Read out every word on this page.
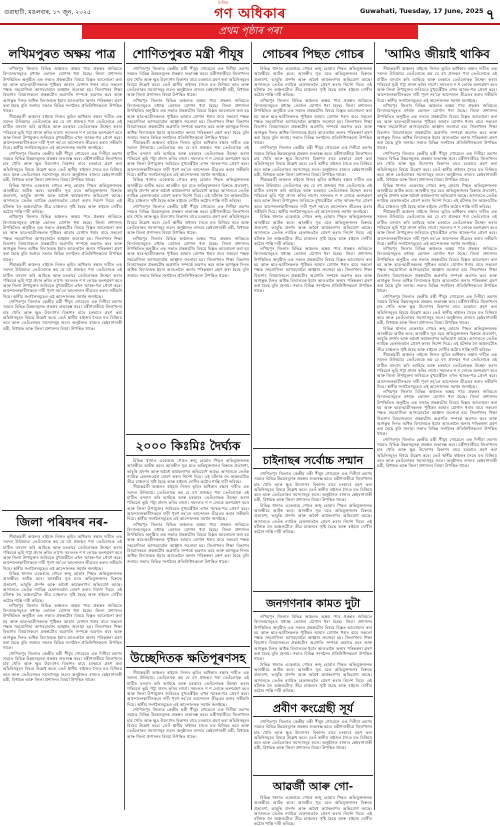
গুৱাহাটী, মঙলবাৰ, ১৭ জুন, ২০২৫
দৈনিক
গণ অধিকাৰ	Guwahati, Tuesday, 17 June, 2025 ৭
প্ৰথম পৃষ্ঠাৰ পৰা
লখিমপুৰত অক্ষয় পাত্ৰ

লখিমপুৰ জিলাৰ বিভিন্ন অঞ্চলত অক্ষয় পাত্ৰ প্ৰকল্পৰ জৰিয়তে বিদ্যালয়সমূহত মধ্যাহ্ন ভোজন যোগান ধৰা হৈছে। জিলা প্ৰশাসনৰ উপস্থিতিত অনুষ্ঠিত এক সভাত প্ৰকল্পটোৰ বিষয়ে বিস্তৃত আলোচনা কৰা হয় আৰু ছাত্ৰ-ছাত্ৰীসকলক পুষ্টিকৰ আহাৰ যোগান ধৰাৰ বাবে সকলো পক্ষক সহযোগিতা আগবঢ়াবলৈ আহ্বান জনোৱা হয়। জিলাখনৰ শিক্ষা বিভাগৰ বিষয়াসকলে প্ৰকল্পটোৰ অগ্ৰগতি সম্পৰ্কে অৱগত কৰে আৰু আগন্তুক দিনত অধিক বিদ্যালয়ক ইয়াৰ আওতালৈ অনাৰ পৰিকল্পনা গ্ৰহণ কৰা হৈছে বুলি জনায়। সভাত বিভিন্ন সংগঠনৰ প্ৰতিনিধিসকলো উপস্থিত থাকে।

সীমান্তৱৰ্তী অঞ্চলৰ ৰাইজে নিজৰ ভূমিৰ অধিকাৰ ৰক্ষাৰ দাবীত এক সমদল উলিয়ায়। তেওঁলোকে কয় যে বহু প্ৰজন্মৰ পৰা তেওঁলোকে এই মাটিত বসবাস কৰি আহিছে আৰু চৰকাৰে তেওঁলোকক উচ্ছেদ কৰাৰ পৰিৱৰ্তে ভূমি পট্টা প্ৰদান কৰিব লাগে। সমদলত শ শ লোকে অংশগ্ৰহণ কৰে আৰু জিলা উপায়ুক্তৰ জৰিয়তে মুখ্যমন্ত্ৰীলৈ এখন স্মাৰক-পত্ৰ প্ৰেৰণ কৰে। আন্দোলনকাৰীসকলে দাবী পূৰণ নহ'লে আন্দোলন তীব্ৰতৰ কৰাৰ সকীয়নি দিয়ে। স্থানীয় সংগঠনসমূহেও এই আন্দোলনক সমৰ্থন জনাইছে।

শোণিতপুৰ জিলাত কেন্দ্ৰীয় মন্ত্ৰী পীযূষ গোয়েলে এক দিনীয়া ভ্ৰমণৰ সময়ত বিভিন্ন উন্নয়নমূলক প্ৰকল্পৰ শুভাৰম্ভ কৰে। মন্ত্ৰীগৰাকীয়ে জিলাখনৰ চাহ খেতি আৰু ক্ষুদ্ৰ উদ্যোগৰ বিকাশৰ বাবে চৰকাৰে গ্ৰহণ কৰা আঁচনিসমূহৰ বিষয়ে উল্লেখ কৰে। তেওঁ স্থানীয় ৰাইজৰ সৈতে মত বিনিময় কৰে আৰু তেওঁলোকৰ সমস্যাসমূহ শুনে। অনুষ্ঠানত ৰাজ্যৰ কেইবাগৰাকী মন্ত্ৰী, বিধায়ক আৰু জিলা প্ৰশাসনৰ বিষয়া উপস্থিত থাকে।

বিভিন্ন থানাত একেৰাহে গোচৰ ৰুজু হোৱাৰ পিছত অভিযুক্তজনক আৰক্ষীয়ে আটক কৰে। আৰক্ষীৰ সূত্ৰ মতে অভিযুক্তজনৰ বিৰুদ্ধে প্ৰতাৰণা, ভাবুকি প্ৰদৰ্শন আৰু অবৈধ কাৰ্যকলাপৰ অভিযোগ আছে। আদালতে তেওঁক ন্যায়িক হেফাজতলৈ প্ৰেৰণ কৰাৰ নিৰ্দেশ দিয়ে। এই ঘটনাক লৈ অঞ্চলটোত তীব্ৰ চাঞ্চল্যৰ সৃষ্টি হৈছে আৰু ৰাইজে দোষীৰ কঠোৰ শাস্তি দাবী কৰিছে।

লখিমপুৰ জিলাৰ বিভিন্ন অঞ্চলত অক্ষয় পাত্ৰ প্ৰকল্পৰ জৰিয়তে বিদ্যালয়সমূহত মধ্যাহ্ন ভোজন যোগান ধৰা হৈছে। জিলা প্ৰশাসনৰ উপস্থিতিত অনুষ্ঠিত এক সভাত প্ৰকল্পটোৰ বিষয়ে বিস্তৃত আলোচনা কৰা হয় আৰু ছাত্ৰ-ছাত্ৰীসকলক পুষ্টিকৰ আহাৰ যোগান ধৰাৰ বাবে সকলো পক্ষক সহযোগিতা আগবঢ়াবলৈ আহ্বান জনোৱা হয়। জিলাখনৰ শিক্ষা বিভাগৰ বিষয়াসকলে প্ৰকল্পটোৰ অগ্ৰগতি সম্পৰ্কে অৱগত কৰে আৰু আগন্তুক দিনত অধিক বিদ্যালয়ক ইয়াৰ আওতালৈ অনাৰ পৰিকল্পনা গ্ৰহণ কৰা হৈছে বুলি জনায়। সভাত বিভিন্ন সংগঠনৰ প্ৰতিনিধিসকলো উপস্থিত থাকে।

সীমান্তৱৰ্তী অঞ্চলৰ ৰাইজে নিজৰ ভূমিৰ অধিকাৰ ৰক্ষাৰ দাবীত এক সমদল উলিয়ায়। তেওঁলোকে কয় যে বহু প্ৰজন্মৰ পৰা তেওঁলোকে এই মাটিত বসবাস কৰি আহিছে আৰু চৰকাৰে তেওঁলোকক উচ্ছেদ কৰাৰ পৰিৱৰ্তে ভূমি পট্টা প্ৰদান কৰিব লাগে। সমদলত শ শ লোকে অংশগ্ৰহণ কৰে আৰু জিলা উপায়ুক্তৰ জৰিয়তে মুখ্যমন্ত্ৰীলৈ এখন স্মাৰক-পত্ৰ প্ৰেৰণ কৰে। আন্দোলনকাৰীসকলে দাবী পূৰণ নহ'লে আন্দোলন তীব্ৰতৰ কৰাৰ সকীয়নি দিয়ে। স্থানীয় সংগঠনসমূহেও এই আন্দোলনক সমৰ্থন জনাইছে।

শোণিতপুৰ জিলাত কেন্দ্ৰীয় মন্ত্ৰী পীযূষ গোয়েলে এক দিনীয়া ভ্ৰমণৰ সময়ত বিভিন্ন উন্নয়নমূলক প্ৰকল্পৰ শুভাৰম্ভ কৰে। মন্ত্ৰীগৰাকীয়ে জিলাখনৰ চাহ খেতি আৰু ক্ষুদ্ৰ উদ্যোগৰ বিকাশৰ বাবে চৰকাৰে গ্ৰহণ কৰা আঁচনিসমূহৰ বিষয়ে উল্লেখ কৰে। তেওঁ স্থানীয় ৰাইজৰ সৈতে মত বিনিময় কৰে আৰু তেওঁলোকৰ সমস্যাসমূহ শুনে। অনুষ্ঠানত ৰাজ্যৰ কেইবাগৰাকী মন্ত্ৰী, বিধায়ক আৰু জিলা প্ৰশাসনৰ বিষয়া উপস্থিত থাকে।

জিলা পৰিষদৰ নৰ-

সীমান্তৱৰ্তী অঞ্চলৰ ৰাইজে নিজৰ ভূমিৰ অধিকাৰ ৰক্ষাৰ দাবীত এক সমদল উলিয়ায়। তেওঁলোকে কয় যে বহু প্ৰজন্মৰ পৰা তেওঁলোকে এই মাটিত বসবাস কৰি আহিছে আৰু চৰকাৰে তেওঁলোকক উচ্ছেদ কৰাৰ পৰিৱৰ্তে ভূমি পট্টা প্ৰদান কৰিব লাগে। সমদলত শ শ লোকে অংশগ্ৰহণ কৰে আৰু জিলা উপায়ুক্তৰ জৰিয়তে মুখ্যমন্ত্ৰীলৈ এখন স্মাৰক-পত্ৰ প্ৰেৰণ কৰে। আন্দোলনকাৰীসকলে দাবী পূৰণ নহ'লে আন্দোলন তীব্ৰতৰ কৰাৰ সকীয়নি দিয়ে। স্থানীয় সংগঠনসমূহেও এই আন্দোলনক সমৰ্থন জনাইছে।

বিভিন্ন থানাত একেৰাহে গোচৰ ৰুজু হোৱাৰ পিছত অভিযুক্তজনক আৰক্ষীয়ে আটক কৰে। আৰক্ষীৰ সূত্ৰ মতে অভিযুক্তজনৰ বিৰুদ্ধে প্ৰতাৰণা, ভাবুকি প্ৰদৰ্শন আৰু অবৈধ কাৰ্যকলাপৰ অভিযোগ আছে। আদালতে তেওঁক ন্যায়িক হেফাজতলৈ প্ৰেৰণ কৰাৰ নিৰ্দেশ দিয়ে। এই ঘটনাক লৈ অঞ্চলটোত তীব্ৰ চাঞ্চল্যৰ সৃষ্টি হৈছে আৰু ৰাইজে দোষীৰ কঠোৰ শাস্তি দাবী কৰিছে।

লখিমপুৰ জিলাৰ বিভিন্ন অঞ্চলত অক্ষয় পাত্ৰ প্ৰকল্পৰ জৰিয়তে বিদ্যালয়সমূহত মধ্যাহ্ন ভোজন যোগান ধৰা হৈছে। জিলা প্ৰশাসনৰ উপস্থিতিত অনুষ্ঠিত এক সভাত প্ৰকল্পটোৰ বিষয়ে বিস্তৃত আলোচনা কৰা হয় আৰু ছাত্ৰ-ছাত্ৰীসকলক পুষ্টিকৰ আহাৰ যোগান ধৰাৰ বাবে সকলো পক্ষক সহযোগিতা আগবঢ়াবলৈ আহ্বান জনোৱা হয়। জিলাখনৰ শিক্ষা বিভাগৰ বিষয়াসকলে প্ৰকল্পটোৰ অগ্ৰগতি সম্পৰ্কে অৱগত কৰে আৰু আগন্তুক দিনত অধিক বিদ্যালয়ক ইয়াৰ আওতালৈ অনাৰ পৰিকল্পনা গ্ৰহণ কৰা হৈছে বুলি জনায়। সভাত বিভিন্ন সংগঠনৰ প্ৰতিনিধিসকলো উপস্থিত থাকে।

শোণিতপুৰ জিলাত কেন্দ্ৰীয় মন্ত্ৰী পীযূষ গোয়েলে এক দিনীয়া ভ্ৰমণৰ সময়ত বিভিন্ন উন্নয়নমূলক প্ৰকল্পৰ শুভাৰম্ভ কৰে। মন্ত্ৰীগৰাকীয়ে জিলাখনৰ চাহ খেতি আৰু ক্ষুদ্ৰ উদ্যোগৰ বিকাশৰ বাবে চৰকাৰে গ্ৰহণ কৰা আঁচনিসমূহৰ বিষয়ে উল্লেখ কৰে। তেওঁ স্থানীয় ৰাইজৰ সৈতে মত বিনিময় কৰে আৰু তেওঁলোকৰ সমস্যাসমূহ শুনে। অনুষ্ঠানত ৰাজ্যৰ কেইবাগৰাকী মন্ত্ৰী, বিধায়ক আৰু জিলা প্ৰশাসনৰ বিষয়া উপস্থিত থাকে।

শোণিতপুৰত মন্ত্ৰী পীযূষ

শোণিতপুৰ জিলাত কেন্দ্ৰীয় মন্ত্ৰী পীযূষ গোয়েলে এক দিনীয়া ভ্ৰমণৰ সময়ত বিভিন্ন উন্নয়নমূলক প্ৰকল্পৰ শুভাৰম্ভ কৰে। মন্ত্ৰীগৰাকীয়ে জিলাখনৰ চাহ খেতি আৰু ক্ষুদ্ৰ উদ্যোগৰ বিকাশৰ বাবে চৰকাৰে গ্ৰহণ কৰা আঁচনিসমূহৰ বিষয়ে উল্লেখ কৰে। তেওঁ স্থানীয় ৰাইজৰ সৈতে মত বিনিময় কৰে আৰু তেওঁলোকৰ সমস্যাসমূহ শুনে। অনুষ্ঠানত ৰাজ্যৰ কেইবাগৰাকী মন্ত্ৰী, বিধায়ক আৰু জিলা প্ৰশাসনৰ বিষয়া উপস্থিত থাকে।

লখিমপুৰ জিলাৰ বিভিন্ন অঞ্চলত অক্ষয় পাত্ৰ প্ৰকল্পৰ জৰিয়তে বিদ্যালয়সমূহত মধ্যাহ্ন ভোজন যোগান ধৰা হৈছে। জিলা প্ৰশাসনৰ উপস্থিতিত অনুষ্ঠিত এক সভাত প্ৰকল্পটোৰ বিষয়ে বিস্তৃত আলোচনা কৰা হয় আৰু ছাত্ৰ-ছাত্ৰীসকলক পুষ্টিকৰ আহাৰ যোগান ধৰাৰ বাবে সকলো পক্ষক সহযোগিতা আগবঢ়াবলৈ আহ্বান জনোৱা হয়। জিলাখনৰ শিক্ষা বিভাগৰ বিষয়াসকলে প্ৰকল্পটোৰ অগ্ৰগতি সম্পৰ্কে অৱগত কৰে আৰু আগন্তুক দিনত অধিক বিদ্যালয়ক ইয়াৰ আওতালৈ অনাৰ পৰিকল্পনা গ্ৰহণ কৰা হৈছে বুলি জনায়। সভাত বিভিন্ন সংগঠনৰ প্ৰতিনিধিসকলো উপস্থিত থাকে।

সীমান্তৱৰ্তী অঞ্চলৰ ৰাইজে নিজৰ ভূমিৰ অধিকাৰ ৰক্ষাৰ দাবীত এক সমদল উলিয়ায়। তেওঁলোকে কয় যে বহু প্ৰজন্মৰ পৰা তেওঁলোকে এই মাটিত বসবাস কৰি আহিছে আৰু চৰকাৰে তেওঁলোকক উচ্ছেদ কৰাৰ পৰিৱৰ্তে ভূমি পট্টা প্ৰদান কৰিব লাগে। সমদলত শ শ লোকে অংশগ্ৰহণ কৰে আৰু জিলা উপায়ুক্তৰ জৰিয়তে মুখ্যমন্ত্ৰীলৈ এখন স্মাৰক-পত্ৰ প্ৰেৰণ কৰে। আন্দোলনকাৰীসকলে দাবী পূৰণ নহ'লে আন্দোলন তীব্ৰতৰ কৰাৰ সকীয়নি দিয়ে। স্থানীয় সংগঠনসমূহেও এই আন্দোলনক সমৰ্থন জনাইছে।

বিভিন্ন থানাত একেৰাহে গোচৰ ৰুজু হোৱাৰ পিছত অভিযুক্তজনক আৰক্ষীয়ে আটক কৰে। আৰক্ষীৰ সূত্ৰ মতে অভিযুক্তজনৰ বিৰুদ্ধে প্ৰতাৰণা, ভাবুকি প্ৰদৰ্শন আৰু অবৈধ কাৰ্যকলাপৰ অভিযোগ আছে। আদালতে তেওঁক ন্যায়িক হেফাজতলৈ প্ৰেৰণ কৰাৰ নিৰ্দেশ দিয়ে। এই ঘটনাক লৈ অঞ্চলটোত তীব্ৰ চাঞ্চল্যৰ সৃষ্টি হৈছে আৰু ৰাইজে দোষীৰ কঠোৰ শাস্তি দাবী কৰিছে।

শোণিতপুৰ জিলাত কেন্দ্ৰীয় মন্ত্ৰী পীযূষ গোয়েলে এক দিনীয়া ভ্ৰমণৰ সময়ত বিভিন্ন উন্নয়নমূলক প্ৰকল্পৰ শুভাৰম্ভ কৰে। মন্ত্ৰীগৰাকীয়ে জিলাখনৰ চাহ খেতি আৰু ক্ষুদ্ৰ উদ্যোগৰ বিকাশৰ বাবে চৰকাৰে গ্ৰহণ কৰা আঁচনিসমূহৰ বিষয়ে উল্লেখ কৰে। তেওঁ স্থানীয় ৰাইজৰ সৈতে মত বিনিময় কৰে আৰু তেওঁলোকৰ সমস্যাসমূহ শুনে। অনুষ্ঠানত ৰাজ্যৰ কেইবাগৰাকী মন্ত্ৰী, বিধায়ক আৰু জিলা প্ৰশাসনৰ বিষয়া উপস্থিত থাকে।

লখিমপুৰ জিলাৰ বিভিন্ন অঞ্চলত অক্ষয় পাত্ৰ প্ৰকল্পৰ জৰিয়তে বিদ্যালয়সমূহত মধ্যাহ্ন ভোজন যোগান ধৰা হৈছে। জিলা প্ৰশাসনৰ উপস্থিতিত অনুষ্ঠিত এক সভাত প্ৰকল্পটোৰ বিষয়ে বিস্তৃত আলোচনা কৰা হয় আৰু ছাত্ৰ-ছাত্ৰীসকলক পুষ্টিকৰ আহাৰ যোগান ধৰাৰ বাবে সকলো পক্ষক সহযোগিতা আগবঢ়াবলৈ আহ্বান জনোৱা হয়। জিলাখনৰ শিক্ষা বিভাগৰ বিষয়াসকলে প্ৰকল্পটোৰ অগ্ৰগতি সম্পৰ্কে অৱগত কৰে আৰু আগন্তুক দিনত অধিক বিদ্যালয়ক ইয়াৰ আওতালৈ অনাৰ পৰিকল্পনা গ্ৰহণ কৰা হৈছে বুলি জনায়। সভাত বিভিন্ন সংগঠনৰ প্ৰতিনিধিসকলো উপস্থিত থাকে।

২০০০ কিঃমিঃ দৈৰ্ঘ্যক

বিভিন্ন থানাত একেৰাহে গোচৰ ৰুজু হোৱাৰ পিছত অভিযুক্তজনক আৰক্ষীয়ে আটক কৰে। আৰক্ষীৰ সূত্ৰ মতে অভিযুক্তজনৰ বিৰুদ্ধে প্ৰতাৰণা, ভাবুকি প্ৰদৰ্শন আৰু অবৈধ কাৰ্যকলাপৰ অভিযোগ আছে। আদালতে তেওঁক ন্যায়িক হেফাজতলৈ প্ৰেৰণ কৰাৰ নিৰ্দেশ দিয়ে। এই ঘটনাক লৈ অঞ্চলটোত তীব্ৰ চাঞ্চল্যৰ সৃষ্টি হৈছে আৰু ৰাইজে দোষীৰ কঠোৰ শাস্তি দাবী কৰিছে।

সীমান্তৱৰ্তী অঞ্চলৰ ৰাইজে নিজৰ ভূমিৰ অধিকাৰ ৰক্ষাৰ দাবীত এক সমদল উলিয়ায়। তেওঁলোকে কয় যে বহু প্ৰজন্মৰ পৰা তেওঁলোকে এই মাটিত বসবাস কৰি আহিছে আৰু চৰকাৰে তেওঁলোকক উচ্ছেদ কৰাৰ পৰিৱৰ্তে ভূমি পট্টা প্ৰদান কৰিব লাগে। সমদলত শ শ লোকে অংশগ্ৰহণ কৰে আৰু জিলা উপায়ুক্তৰ জৰিয়তে মুখ্যমন্ত্ৰীলৈ এখন স্মাৰক-পত্ৰ প্ৰেৰণ কৰে। আন্দোলনকাৰীসকলে দাবী পূৰণ নহ'লে আন্দোলন তীব্ৰতৰ কৰাৰ সকীয়নি দিয়ে। স্থানীয় সংগঠনসমূহেও এই আন্দোলনক সমৰ্থন জনাইছে।

লখিমপুৰ জিলাৰ বিভিন্ন অঞ্চলত অক্ষয় পাত্ৰ প্ৰকল্পৰ জৰিয়তে বিদ্যালয়সমূহত মধ্যাহ্ন ভোজন যোগান ধৰা হৈছে। জিলা প্ৰশাসনৰ উপস্থিতিত অনুষ্ঠিত এক সভাত প্ৰকল্পটোৰ বিষয়ে বিস্তৃত আলোচনা কৰা হয় আৰু ছাত্ৰ-ছাত্ৰীসকলক পুষ্টিকৰ আহাৰ যোগান ধৰাৰ বাবে সকলো পক্ষক সহযোগিতা আগবঢ়াবলৈ আহ্বান জনোৱা হয়। জিলাখনৰ শিক্ষা বিভাগৰ বিষয়াসকলে প্ৰকল্পটোৰ অগ্ৰগতি সম্পৰ্কে অৱগত কৰে আৰু আগন্তুক দিনত অধিক বিদ্যালয়ক ইয়াৰ আওতালৈ অনাৰ পৰিকল্পনা গ্ৰহণ কৰা হৈছে বুলি জনায়। সভাত বিভিন্ন সংগঠনৰ প্ৰতিনিধিসকলো উপস্থিত থাকে।

উচ্ছেদিতক ক্ষতিপূৰণসহ

সীমান্তৱৰ্তী অঞ্চলৰ ৰাইজে নিজৰ ভূমিৰ অধিকাৰ ৰক্ষাৰ দাবীত এক সমদল উলিয়ায়। তেওঁলোকে কয় যে বহু প্ৰজন্মৰ পৰা তেওঁলোকে এই মাটিত বসবাস কৰি আহিছে আৰু চৰকাৰে তেওঁলোকক উচ্ছেদ কৰাৰ পৰিৱৰ্তে ভূমি পট্টা প্ৰদান কৰিব লাগে। সমদলত শ শ লোকে অংশগ্ৰহণ কৰে আৰু জিলা উপায়ুক্তৰ জৰিয়তে মুখ্যমন্ত্ৰীলৈ এখন স্মাৰক-পত্ৰ প্ৰেৰণ কৰে। আন্দোলনকাৰীসকলে দাবী পূৰণ নহ'লে আন্দোলন তীব্ৰতৰ কৰাৰ সকীয়নি দিয়ে। স্থানীয় সংগঠনসমূহেও এই আন্দোলনক সমৰ্থন জনাইছে।

শোণিতপুৰ জিলাত কেন্দ্ৰীয় মন্ত্ৰী পীযূষ গোয়েলে এক দিনীয়া ভ্ৰমণৰ সময়ত বিভিন্ন উন্নয়নমূলক প্ৰকল্পৰ শুভাৰম্ভ কৰে। মন্ত্ৰীগৰাকীয়ে জিলাখনৰ চাহ খেতি আৰু ক্ষুদ্ৰ উদ্যোগৰ বিকাশৰ বাবে চৰকাৰে গ্ৰহণ কৰা আঁচনিসমূহৰ বিষয়ে উল্লেখ কৰে। তেওঁ স্থানীয় ৰাইজৰ সৈতে মত বিনিময় কৰে আৰু তেওঁলোকৰ সমস্যাসমূহ শুনে। অনুষ্ঠানত ৰাজ্যৰ কেইবাগৰাকী মন্ত্ৰী, বিধায়ক আৰু জিলা প্ৰশাসনৰ বিষয়া উপস্থিত থাকে।

গোচৰৰ পিছত গোচৰ

বিভিন্ন থানাত একেৰাহে গোচৰ ৰুজু হোৱাৰ পিছত অভিযুক্তজনক আৰক্ষীয়ে আটক কৰে। আৰক্ষীৰ সূত্ৰ মতে অভিযুক্তজনৰ বিৰুদ্ধে প্ৰতাৰণা, ভাবুকি প্ৰদৰ্শন আৰু অবৈধ কাৰ্যকলাপৰ অভিযোগ আছে। আদালতে তেওঁক ন্যায়িক হেফাজতলৈ প্ৰেৰণ কৰাৰ নিৰ্দেশ দিয়ে। এই ঘটনাক লৈ অঞ্চলটোত তীব্ৰ চাঞ্চল্যৰ সৃষ্টি হৈছে আৰু ৰাইজে দোষীৰ কঠোৰ শাস্তি দাবী কৰিছে।

লখিমপুৰ জিলাৰ বিভিন্ন অঞ্চলত অক্ষয় পাত্ৰ প্ৰকল্পৰ জৰিয়তে বিদ্যালয়সমূহত মধ্যাহ্ন ভোজন যোগান ধৰা হৈছে। জিলা প্ৰশাসনৰ উপস্থিতিত অনুষ্ঠিত এক সভাত প্ৰকল্পটোৰ বিষয়ে বিস্তৃত আলোচনা কৰা হয় আৰু ছাত্ৰ-ছাত্ৰীসকলক পুষ্টিকৰ আহাৰ যোগান ধৰাৰ বাবে সকলো পক্ষক সহযোগিতা আগবঢ়াবলৈ আহ্বান জনোৱা হয়। জিলাখনৰ শিক্ষা বিভাগৰ বিষয়াসকলে প্ৰকল্পটোৰ অগ্ৰগতি সম্পৰ্কে অৱগত কৰে আৰু আগন্তুক দিনত অধিক বিদ্যালয়ক ইয়াৰ আওতালৈ অনাৰ পৰিকল্পনা গ্ৰহণ কৰা হৈছে বুলি জনায়। সভাত বিভিন্ন সংগঠনৰ প্ৰতিনিধিসকলো উপস্থিত থাকে।

শোণিতপুৰ জিলাত কেন্দ্ৰীয় মন্ত্ৰী পীযূষ গোয়েলে এক দিনীয়া ভ্ৰমণৰ সময়ত বিভিন্ন উন্নয়নমূলক প্ৰকল্পৰ শুভাৰম্ভ কৰে। মন্ত্ৰীগৰাকীয়ে জিলাখনৰ চাহ খেতি আৰু ক্ষুদ্ৰ উদ্যোগৰ বিকাশৰ বাবে চৰকাৰে গ্ৰহণ কৰা আঁচনিসমূহৰ বিষয়ে উল্লেখ কৰে। তেওঁ স্থানীয় ৰাইজৰ সৈতে মত বিনিময় কৰে আৰু তেওঁলোকৰ সমস্যাসমূহ শুনে। অনুষ্ঠানত ৰাজ্যৰ কেইবাগৰাকী মন্ত্ৰী, বিধায়ক আৰু জিলা প্ৰশাসনৰ বিষয়া উপস্থিত থাকে।

সীমান্তৱৰ্তী অঞ্চলৰ ৰাইজে নিজৰ ভূমিৰ অধিকাৰ ৰক্ষাৰ দাবীত এক সমদল উলিয়ায়। তেওঁলোকে কয় যে বহু প্ৰজন্মৰ পৰা তেওঁলোকে এই মাটিত বসবাস কৰি আহিছে আৰু চৰকাৰে তেওঁলোকক উচ্ছেদ কৰাৰ পৰিৱৰ্তে ভূমি পট্টা প্ৰদান কৰিব লাগে। সমদলত শ শ লোকে অংশগ্ৰহণ কৰে আৰু জিলা উপায়ুক্তৰ জৰিয়তে মুখ্যমন্ত্ৰীলৈ এখন স্মাৰক-পত্ৰ প্ৰেৰণ কৰে। আন্দোলনকাৰীসকলে দাবী পূৰণ নহ'লে আন্দোলন তীব্ৰতৰ কৰাৰ সকীয়নি দিয়ে। স্থানীয় সংগঠনসমূহেও এই আন্দোলনক সমৰ্থন জনাইছে।

বিভিন্ন থানাত একেৰাহে গোচৰ ৰুজু হোৱাৰ পিছত অভিযুক্তজনক আৰক্ষীয়ে আটক কৰে। আৰক্ষীৰ সূত্ৰ মতে অভিযুক্তজনৰ বিৰুদ্ধে প্ৰতাৰণা, ভাবুকি প্ৰদৰ্শন আৰু অবৈধ কাৰ্যকলাপৰ অভিযোগ আছে। আদালতে তেওঁক ন্যায়িক হেফাজতলৈ প্ৰেৰণ কৰাৰ নিৰ্দেশ দিয়ে। এই ঘটনাক লৈ অঞ্চলটোত তীব্ৰ চাঞ্চল্যৰ সৃষ্টি হৈছে আৰু ৰাইজে দোষীৰ কঠোৰ শাস্তি দাবী কৰিছে।

লখিমপুৰ জিলাৰ বিভিন্ন অঞ্চলত অক্ষয় পাত্ৰ প্ৰকল্পৰ জৰিয়তে বিদ্যালয়সমূহত মধ্যাহ্ন ভোজন যোগান ধৰা হৈছে। জিলা প্ৰশাসনৰ উপস্থিতিত অনুষ্ঠিত এক সভাত প্ৰকল্পটোৰ বিষয়ে বিস্তৃত আলোচনা কৰা হয় আৰু ছাত্ৰ-ছাত্ৰীসকলক পুষ্টিকৰ আহাৰ যোগান ধৰাৰ বাবে সকলো পক্ষক সহযোগিতা আগবঢ়াবলৈ আহ্বান জনোৱা হয়। জিলাখনৰ শিক্ষা বিভাগৰ বিষয়াসকলে প্ৰকল্পটোৰ অগ্ৰগতি সম্পৰ্কে অৱগত কৰে আৰু আগন্তুক দিনত অধিক বিদ্যালয়ক ইয়াৰ আওতালৈ অনাৰ পৰিকল্পনা গ্ৰহণ কৰা হৈছে বুলি জনায়। সভাত বিভিন্ন সংগঠনৰ প্ৰতিনিধিসকলো উপস্থিত থাকে।

চাইনাছৰ সৰ্বোচ্চ সন্মান

শোণিতপুৰ জিলাত কেন্দ্ৰীয় মন্ত্ৰী পীযূষ গোয়েলে এক দিনীয়া ভ্ৰমণৰ সময়ত বিভিন্ন উন্নয়নমূলক প্ৰকল্পৰ শুভাৰম্ভ কৰে। মন্ত্ৰীগৰাকীয়ে জিলাখনৰ চাহ খেতি আৰু ক্ষুদ্ৰ উদ্যোগৰ বিকাশৰ বাবে চৰকাৰে গ্ৰহণ কৰা আঁচনিসমূহৰ বিষয়ে উল্লেখ কৰে। তেওঁ স্থানীয় ৰাইজৰ সৈতে মত বিনিময় কৰে আৰু তেওঁলোকৰ সমস্যাসমূহ শুনে। অনুষ্ঠানত ৰাজ্যৰ কেইবাগৰাকী মন্ত্ৰী, বিধায়ক আৰু জিলা প্ৰশাসনৰ বিষয়া উপস্থিত থাকে।

বিভিন্ন থানাত একেৰাহে গোচৰ ৰুজু হোৱাৰ পিছত অভিযুক্তজনক আৰক্ষীয়ে আটক কৰে। আৰক্ষীৰ সূত্ৰ মতে অভিযুক্তজনৰ বিৰুদ্ধে প্ৰতাৰণা, ভাবুকি প্ৰদৰ্শন আৰু অবৈধ কাৰ্যকলাপৰ অভিযোগ আছে। আদালতে তেওঁক ন্যায়িক হেফাজতলৈ প্ৰেৰণ কৰাৰ নিৰ্দেশ দিয়ে। এই ঘটনাক লৈ অঞ্চলটোত তীব্ৰ চাঞ্চল্যৰ সৃষ্টি হৈছে আৰু ৰাইজে দোষীৰ কঠোৰ শাস্তি দাবী কৰিছে।

জনগণনাৰ কামত দুটা

লখিমপুৰ জিলাৰ বিভিন্ন অঞ্চলত অক্ষয় পাত্ৰ প্ৰকল্পৰ জৰিয়তে বিদ্যালয়সমূহত মধ্যাহ্ন ভোজন যোগান ধৰা হৈছে। জিলা প্ৰশাসনৰ উপস্থিতিত অনুষ্ঠিত এক সভাত প্ৰকল্পটোৰ বিষয়ে বিস্তৃত আলোচনা কৰা হয় আৰু ছাত্ৰ-ছাত্ৰীসকলক পুষ্টিকৰ আহাৰ যোগান ধৰাৰ বাবে সকলো পক্ষক সহযোগিতা আগবঢ়াবলৈ আহ্বান জনোৱা হয়। জিলাখনৰ শিক্ষা বিভাগৰ বিষয়াসকলে প্ৰকল্পটোৰ অগ্ৰগতি সম্পৰ্কে অৱগত কৰে আৰু আগন্তুক দিনত অধিক বিদ্যালয়ক ইয়াৰ আওতালৈ অনাৰ পৰিকল্পনা গ্ৰহণ কৰা হৈছে বুলি জনায়। সভাত বিভিন্ন সংগঠনৰ প্ৰতিনিধিসকলো উপস্থিত থাকে।

বিভিন্ন থানাত একেৰাহে গোচৰ ৰুজু হোৱাৰ পিছত অভিযুক্তজনক আৰক্ষীয়ে আটক কৰে। আৰক্ষীৰ সূত্ৰ মতে অভিযুক্তজনৰ বিৰুদ্ধে প্ৰতাৰণা, ভাবুকি প্ৰদৰ্শন আৰু অবৈধ কাৰ্যকলাপৰ অভিযোগ আছে। আদালতে তেওঁক ন্যায়িক হেফাজতলৈ প্ৰেৰণ কৰাৰ নিৰ্দেশ দিয়ে। এই ঘটনাক লৈ অঞ্চলটোত তীব্ৰ চাঞ্চল্যৰ সৃষ্টি হৈছে আৰু ৰাইজে দোষীৰ কঠোৰ শাস্তি দাবী কৰিছে।

প্ৰবীণ কংগ্ৰেছী সূৰ্য

শোণিতপুৰ জিলাত কেন্দ্ৰীয় মন্ত্ৰী পীযূষ গোয়েলে এক দিনীয়া ভ্ৰমণৰ সময়ত বিভিন্ন উন্নয়নমূলক প্ৰকল্পৰ শুভাৰম্ভ কৰে। মন্ত্ৰীগৰাকীয়ে জিলাখনৰ চাহ খেতি আৰু ক্ষুদ্ৰ উদ্যোগৰ বিকাশৰ বাবে চৰকাৰে গ্ৰহণ কৰা আঁচনিসমূহৰ বিষয়ে উল্লেখ কৰে। তেওঁ স্থানীয় ৰাইজৰ সৈতে মত বিনিময় কৰে আৰু তেওঁলোকৰ সমস্যাসমূহ শুনে। অনুষ্ঠানত ৰাজ্যৰ কেইবাগৰাকী মন্ত্ৰী, বিধায়ক আৰু জিলা প্ৰশাসনৰ বিষয়া উপস্থিত থাকে।

আৱৰ্জী আৰু গো-

বিভিন্ন থানাত একেৰাহে গোচৰ ৰুজু হোৱাৰ পিছত অভিযুক্তজনক আৰক্ষীয়ে আটক কৰে। আৰক্ষীৰ সূত্ৰ মতে অভিযুক্তজনৰ বিৰুদ্ধে প্ৰতাৰণা, ভাবুকি প্ৰদৰ্শন আৰু অবৈধ কাৰ্যকলাপৰ অভিযোগ আছে। আদালতে তেওঁক ন্যায়িক হেফাজতলৈ প্ৰেৰণ কৰাৰ নিৰ্দেশ দিয়ে। এই ঘটনাক লৈ অঞ্চলটোত তীব্ৰ চাঞ্চল্যৰ সৃষ্টি হৈছে আৰু ৰাইজে দোষীৰ কঠোৰ শাস্তি দাবী কৰিছে।

'আমিও জীয়াই থাকিব

সীমান্তৱৰ্তী অঞ্চলৰ ৰাইজে নিজৰ ভূমিৰ অধিকাৰ ৰক্ষাৰ দাবীত এক সমদল উলিয়ায়। তেওঁলোকে কয় যে বহু প্ৰজন্মৰ পৰা তেওঁলোকে এই মাটিত বসবাস কৰি আহিছে আৰু চৰকাৰে তেওঁলোকক উচ্ছেদ কৰাৰ পৰিৱৰ্তে ভূমি পট্টা প্ৰদান কৰিব লাগে। সমদলত শ শ লোকে অংশগ্ৰহণ কৰে আৰু জিলা উপায়ুক্তৰ জৰিয়তে মুখ্যমন্ত্ৰীলৈ এখন স্মাৰক-পত্ৰ প্ৰেৰণ কৰে। আন্দোলনকাৰীসকলে দাবী পূৰণ নহ'লে আন্দোলন তীব্ৰতৰ কৰাৰ সকীয়নি দিয়ে। স্থানীয় সংগঠনসমূহেও এই আন্দোলনক সমৰ্থন জনাইছে।

লখিমপুৰ জিলাৰ বিভিন্ন অঞ্চলত অক্ষয় পাত্ৰ প্ৰকল্পৰ জৰিয়তে বিদ্যালয়সমূহত মধ্যাহ্ন ভোজন যোগান ধৰা হৈছে। জিলা প্ৰশাসনৰ উপস্থিতিত অনুষ্ঠিত এক সভাত প্ৰকল্পটোৰ বিষয়ে বিস্তৃত আলোচনা কৰা হয় আৰু ছাত্ৰ-ছাত্ৰীসকলক পুষ্টিকৰ আহাৰ যোগান ধৰাৰ বাবে সকলো পক্ষক সহযোগিতা আগবঢ়াবলৈ আহ্বান জনোৱা হয়। জিলাখনৰ শিক্ষা বিভাগৰ বিষয়াসকলে প্ৰকল্পটোৰ অগ্ৰগতি সম্পৰ্কে অৱগত কৰে আৰু আগন্তুক দিনত অধিক বিদ্যালয়ক ইয়াৰ আওতালৈ অনাৰ পৰিকল্পনা গ্ৰহণ কৰা হৈছে বুলি জনায়। সভাত বিভিন্ন সংগঠনৰ প্ৰতিনিধিসকলো উপস্থিত থাকে।

শোণিতপুৰ জিলাত কেন্দ্ৰীয় মন্ত্ৰী পীযূষ গোয়েলে এক দিনীয়া ভ্ৰমণৰ সময়ত বিভিন্ন উন্নয়নমূলক প্ৰকল্পৰ শুভাৰম্ভ কৰে। মন্ত্ৰীগৰাকীয়ে জিলাখনৰ চাহ খেতি আৰু ক্ষুদ্ৰ উদ্যোগৰ বিকাশৰ বাবে চৰকাৰে গ্ৰহণ কৰা আঁচনিসমূহৰ বিষয়ে উল্লেখ কৰে। তেওঁ স্থানীয় ৰাইজৰ সৈতে মত বিনিময় কৰে আৰু তেওঁলোকৰ সমস্যাসমূহ শুনে। অনুষ্ঠানত ৰাজ্যৰ কেইবাগৰাকী মন্ত্ৰী, বিধায়ক আৰু জিলা প্ৰশাসনৰ বিষয়া উপস্থিত থাকে।

বিভিন্ন থানাত একেৰাহে গোচৰ ৰুজু হোৱাৰ পিছত অভিযুক্তজনক আৰক্ষীয়ে আটক কৰে। আৰক্ষীৰ সূত্ৰ মতে অভিযুক্তজনৰ বিৰুদ্ধে প্ৰতাৰণা, ভাবুকি প্ৰদৰ্শন আৰু অবৈধ কাৰ্যকলাপৰ অভিযোগ আছে। আদালতে তেওঁক ন্যায়িক হেফাজতলৈ প্ৰেৰণ কৰাৰ নিৰ্দেশ দিয়ে। এই ঘটনাক লৈ অঞ্চলটোত তীব্ৰ চাঞ্চল্যৰ সৃষ্টি হৈছে আৰু ৰাইজে দোষীৰ কঠোৰ শাস্তি দাবী কৰিছে।

সীমান্তৱৰ্তী অঞ্চলৰ ৰাইজে নিজৰ ভূমিৰ অধিকাৰ ৰক্ষাৰ দাবীত এক সমদল উলিয়ায়। তেওঁলোকে কয় যে বহু প্ৰজন্মৰ পৰা তেওঁলোকে এই মাটিত বসবাস কৰি আহিছে আৰু চৰকাৰে তেওঁলোকক উচ্ছেদ কৰাৰ পৰিৱৰ্তে ভূমি পট্টা প্ৰদান কৰিব লাগে। সমদলত শ শ লোকে অংশগ্ৰহণ কৰে আৰু জিলা উপায়ুক্তৰ জৰিয়তে মুখ্যমন্ত্ৰীলৈ এখন স্মাৰক-পত্ৰ প্ৰেৰণ কৰে। আন্দোলনকাৰীসকলে দাবী পূৰণ নহ'লে আন্দোলন তীব্ৰতৰ কৰাৰ সকীয়নি দিয়ে। স্থানীয় সংগঠনসমূহেও এই আন্দোলনক সমৰ্থন জনাইছে।

লখিমপুৰ জিলাৰ বিভিন্ন অঞ্চলত অক্ষয় পাত্ৰ প্ৰকল্পৰ জৰিয়তে বিদ্যালয়সমূহত মধ্যাহ্ন ভোজন যোগান ধৰা হৈছে। জিলা প্ৰশাসনৰ উপস্থিতিত অনুষ্ঠিত এক সভাত প্ৰকল্পটোৰ বিষয়ে বিস্তৃত আলোচনা কৰা হয় আৰু ছাত্ৰ-ছাত্ৰীসকলক পুষ্টিকৰ আহাৰ যোগান ধৰাৰ বাবে সকলো পক্ষক সহযোগিতা আগবঢ়াবলৈ আহ্বান জনোৱা হয়। জিলাখনৰ শিক্ষা বিভাগৰ বিষয়াসকলে প্ৰকল্পটোৰ অগ্ৰগতি সম্পৰ্কে অৱগত কৰে আৰু আগন্তুক দিনত অধিক বিদ্যালয়ক ইয়াৰ আওতালৈ অনাৰ পৰিকল্পনা গ্ৰহণ কৰা হৈছে বুলি জনায়। সভাত বিভিন্ন সংগঠনৰ প্ৰতিনিধিসকলো উপস্থিত থাকে।

শোণিতপুৰ জিলাত কেন্দ্ৰীয় মন্ত্ৰী পীযূষ গোয়েলে এক দিনীয়া ভ্ৰমণৰ সময়ত বিভিন্ন উন্নয়নমূলক প্ৰকল্পৰ শুভাৰম্ভ কৰে। মন্ত্ৰীগৰাকীয়ে জিলাখনৰ চাহ খেতি আৰু ক্ষুদ্ৰ উদ্যোগৰ বিকাশৰ বাবে চৰকাৰে গ্ৰহণ কৰা আঁচনিসমূহৰ বিষয়ে উল্লেখ কৰে। তেওঁ স্থানীয় ৰাইজৰ সৈতে মত বিনিময় কৰে আৰু তেওঁলোকৰ সমস্যাসমূহ শুনে। অনুষ্ঠানত ৰাজ্যৰ কেইবাগৰাকী মন্ত্ৰী, বিধায়ক আৰু জিলা প্ৰশাসনৰ বিষয়া উপস্থিত থাকে।

বিভিন্ন থানাত একেৰাহে গোচৰ ৰুজু হোৱাৰ পিছত অভিযুক্তজনক আৰক্ষীয়ে আটক কৰে। আৰক্ষীৰ সূত্ৰ মতে অভিযুক্তজনৰ বিৰুদ্ধে প্ৰতাৰণা, ভাবুকি প্ৰদৰ্শন আৰু অবৈধ কাৰ্যকলাপৰ অভিযোগ আছে। আদালতে তেওঁক ন্যায়িক হেফাজতলৈ প্ৰেৰণ কৰাৰ নিৰ্দেশ দিয়ে। এই ঘটনাক লৈ অঞ্চলটোত তীব্ৰ চাঞ্চল্যৰ সৃষ্টি হৈছে আৰু ৰাইজে দোষীৰ কঠোৰ শাস্তি দাবী কৰিছে।

সীমান্তৱৰ্তী অঞ্চলৰ ৰাইজে নিজৰ ভূমিৰ অধিকাৰ ৰক্ষাৰ দাবীত এক সমদল উলিয়ায়। তেওঁলোকে কয় যে বহু প্ৰজন্মৰ পৰা তেওঁলোকে এই মাটিত বসবাস কৰি আহিছে আৰু চৰকাৰে তেওঁলোকক উচ্ছেদ কৰাৰ পৰিৱৰ্তে ভূমি পট্টা প্ৰদান কৰিব লাগে। সমদলত শ শ লোকে অংশগ্ৰহণ কৰে আৰু জিলা উপায়ুক্তৰ জৰিয়তে মুখ্যমন্ত্ৰীলৈ এখন স্মাৰক-পত্ৰ প্ৰেৰণ কৰে। আন্দোলনকাৰীসকলে দাবী পূৰণ নহ'লে আন্দোলন তীব্ৰতৰ কৰাৰ সকীয়নি দিয়ে। স্থানীয় সংগঠনসমূহেও এই আন্দোলনক সমৰ্থন জনাইছে।

লখিমপুৰ জিলাৰ বিভিন্ন অঞ্চলত অক্ষয় পাত্ৰ প্ৰকল্পৰ জৰিয়তে বিদ্যালয়সমূহত মধ্যাহ্ন ভোজন যোগান ধৰা হৈছে। জিলা প্ৰশাসনৰ উপস্থিতিত অনুষ্ঠিত এক সভাত প্ৰকল্পটোৰ বিষয়ে বিস্তৃত আলোচনা কৰা হয় আৰু ছাত্ৰ-ছাত্ৰীসকলক পুষ্টিকৰ আহাৰ যোগান ধৰাৰ বাবে সকলো পক্ষক সহযোগিতা আগবঢ়াবলৈ আহ্বান জনোৱা হয়। জিলাখনৰ শিক্ষা বিভাগৰ বিষয়াসকলে প্ৰকল্পটোৰ অগ্ৰগতি সম্পৰ্কে অৱগত কৰে আৰু আগন্তুক দিনত অধিক বিদ্যালয়ক ইয়াৰ আওতালৈ অনাৰ পৰিকল্পনা গ্ৰহণ কৰা হৈছে বুলি জনায়। সভাত বিভিন্ন সংগঠনৰ প্ৰতিনিধিসকলো উপস্থিত থাকে।

শোণিতপুৰ জিলাত কেন্দ্ৰীয় মন্ত্ৰী পীযূষ গোয়েলে এক দিনীয়া ভ্ৰমণৰ সময়ত বিভিন্ন উন্নয়নমূলক প্ৰকল্পৰ শুভাৰম্ভ কৰে। মন্ত্ৰীগৰাকীয়ে জিলাখনৰ চাহ খেতি আৰু ক্ষুদ্ৰ উদ্যোগৰ বিকাশৰ বাবে চৰকাৰে গ্ৰহণ কৰা আঁচনিসমূহৰ বিষয়ে উল্লেখ কৰে। তেওঁ স্থানীয় ৰাইজৰ সৈতে মত বিনিময় কৰে আৰু তেওঁলোকৰ সমস্যাসমূহ শুনে। অনুষ্ঠানত ৰাজ্যৰ কেইবাগৰাকী মন্ত্ৰী, বিধায়ক আৰু জিলা প্ৰশাসনৰ বিষয়া উপস্থিত থাকে।
